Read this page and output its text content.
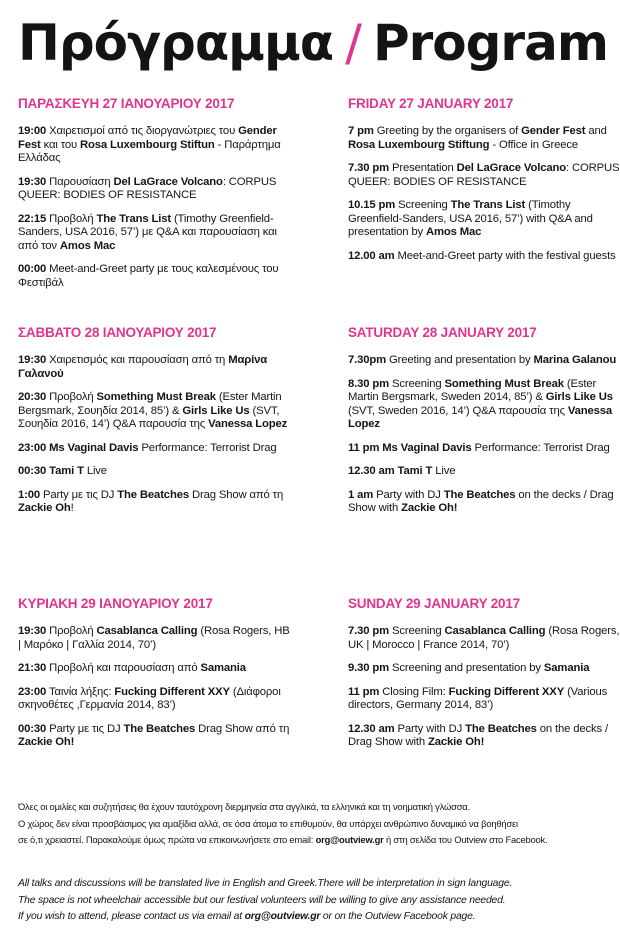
Πρόγραμμα / Program
ΠΑΡΑΣΚΕΥΗ 27 ΙΑΝΟΥΑΡΙΟΥ 2017
19:00 Χαιρετισμοί από τις διοργανώτριες του Gender Fest και του Rosa Luxembourg Stiftun - Παράρτημα Ελλάδας
19:30 Παρουσίαση Del LaGrace Volcano: CORPUS QUEER: BODIES OF RESISTANCE
22:15 Προβολή The Trans List (Timothy Greenfield-Sanders, USA 2016, 57’) με Q&A και παρουσίαση και από τον Amos Mac
00:00 Meet-and-Greet party με τους καλεσμένους του Φεστιβάλ
ΣΑΒΒΑΤΟ 28 ΙΑΝΟΥΑΡΙΟΥ 2017
19:30 Χαιρετισμός και παρουσίαση από τη Μαρίνα Γαλανού
20:30 Προβολή Something Must Break (Ester Martin Bergsmark, Σουηδία 2014, 85’) & Girls Like Us (SVT, Σουηδία 2016, 14’) Q&A παρουσία της Vanessa Lopez
23:00 Ms Vaginal Davis Performance: Terrorist Drag
00:30 Tami T Live
1:00 Party με τις DJ The Beatches Drag Show από τη Zackie Oh!
ΚΥΡΙΑΚΗ 29 ΙΑΝΟΥΑΡΙΟΥ 2017
19:30 Προβολή Casablanca Calling (Rosa Rogers, HB | Μαρόκο | Γαλλία 2014, 70’)
21:30 Προβολή και παρουσίαση από Samania
23:00 Ταινία λήξης: Fucking Different XXY (Διάφοροι σκηνοθέτες ,Γερμανία 2014, 83’)
00:30 Party με τις DJ The Beatches Drag Show από τη Zackie Oh!
FRIDAY 27 JANUARY 2017
7 pm Greeting by the organisers of Gender Fest and Rosa Luxembourg Stiftung - Office in Greece
7.30 pm Presentation Del LaGrace Volcano: CORPUS QUEER: BODIES OF RESISTANCE
10.15 pm Screening The Trans List (Timothy Greenfield-Sanders, USA 2016, 57’) with Q&A and presentation by Amos Mac
12.00 am Meet-and-Greet party with the festival guests
SATURDAY 28 JANUARY 2017
7.30pm Greeting and presentation by Marina Galanou
8.30 pm Screening Something Must Break (Ester Martin Bergsmark, Sweden 2014, 85’) & Girls Like Us (SVT, Sweden 2016, 14’) Q&A παρουσία της Vanessa Lopez
11 pm Ms Vaginal Davis Performance: Terrorist Drag
12.30 am Tami T Live
1 am Party with DJ The Beatches on the decks / Drag Show with Zackie Oh!
SUNDAY 29 JANUARY 2017
7.30 pm Screening Casablanca Calling (Rosa Rogers, UK | Morocco | France 2014, 70’)
9.30 pm Screening and presentation by Samania
11 pm Closing Film: Fucking Different XXY (Various directors, Germany 2014, 83’)
12.30 am Party with DJ The Beatches on the decks / Drag Show with Zackie Oh!

Όλες οι ομιλίες και συζητήσεις θα έχουν ταυτόχρονη διερμηνεία στα αγγλικά, τα ελληνικά και τη νοηματική γλώσσα.

Ο χώρος δεν είναι προσβάσιμος για αμαξίδια αλλά, σε όσα άτομα το επιθυμούν, θα υπάρχει ανθρώπινο δυναμικό να βοηθήσει

σε ό,τι χρειαστεί. Παρακαλούμε όμως πρώτα να επικοινωνήσετε στο email: org@outview.gr ή στη σελίδα του Outview στο Facebook.

All talks and discussions will be translated live in English and Greek.There will be interpretation in sign language.

The space is not wheelchair accessible but our festival volunteers will be willing to give any assistance needed.

If you wish to attend, please contact us via email at org@outview.gr or on the Outview Facebook page.
